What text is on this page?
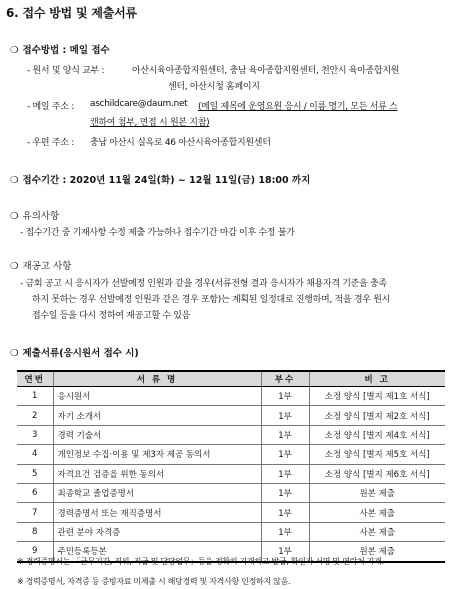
6. 접수 방법 및 제출서류
❍ 접수방법 : 메일 접수
- 원서 및 양식 교부 :	아산시육아종합지원센터, 충남 육아종합지원센터, 천안시 육아종합지원
센터, 아산시청 홈페이지
- 메일 주소 : aschildcare@daum.net (메일 제목에 운영요원 응시 / 이름 명기, 모든 서류 스
캔하여 첨부, 면접 시 원본 지참)
- 우편 주소 : 충남 아산시 실옥로 46 아산시육아종합지원센터
❍ 접수기간 : 2020년 11월 24일(화) ~ 12월 11일(금) 18:00 까지
❍ 유의사항
- 접수기간 중 기재사항 수정 제출 가능하나 접수기간 마감 이후 수정 불가
❍ 재공고 사항
- 금회 공고 시 응시자가 선발예정 인원과 같을 경우(서류전형 결과 응시자가 채용자격 기준을 충족
하지 못하는 경우 선발예정 인원과 같은 경우 포함)는 계획된 일정대로 진행하며, 적을 경우 원시
접수일 등을 다시 정하여 재공고할 수 있음
❍ 제출서류(응시원서 접수 시)
연번	서 류 명	부수	비 고
1	응시원서	1부	소정 양식 [별지 제1호 서식]
2	자기 소개서	1부	소정 양식 [별지 제2호 서식]
3	경력 기술서	1부	소정 양식 [별지 제4호 서식]
4	개인정보 수집·이용 및 제3자 제공 동의서	1부	소정 양식 [별지 제5호 서식]
5	자격요건 검증을 위한 동의서	1부	소정 양식 [별지 제6호 서식]
6	최종학교 졸업증명서	1부	원본 제출
7	경력증명서 또는 재직증명서	1부	사본 제출
8	관련 분야 자격증	1부	사본 제출
9	주민등록등본	1부	원본 제출
※ 경력증명서는 「근무기간, 직위, 직급 및 담당업무」등을 정확히 기재하고 발급, 확인자 서명 및 연락처 기재.
※ 경력증명서, 자격증 등 증빙자료 미제출 시 해당경력 및 자격사항 인정하지 않음.
